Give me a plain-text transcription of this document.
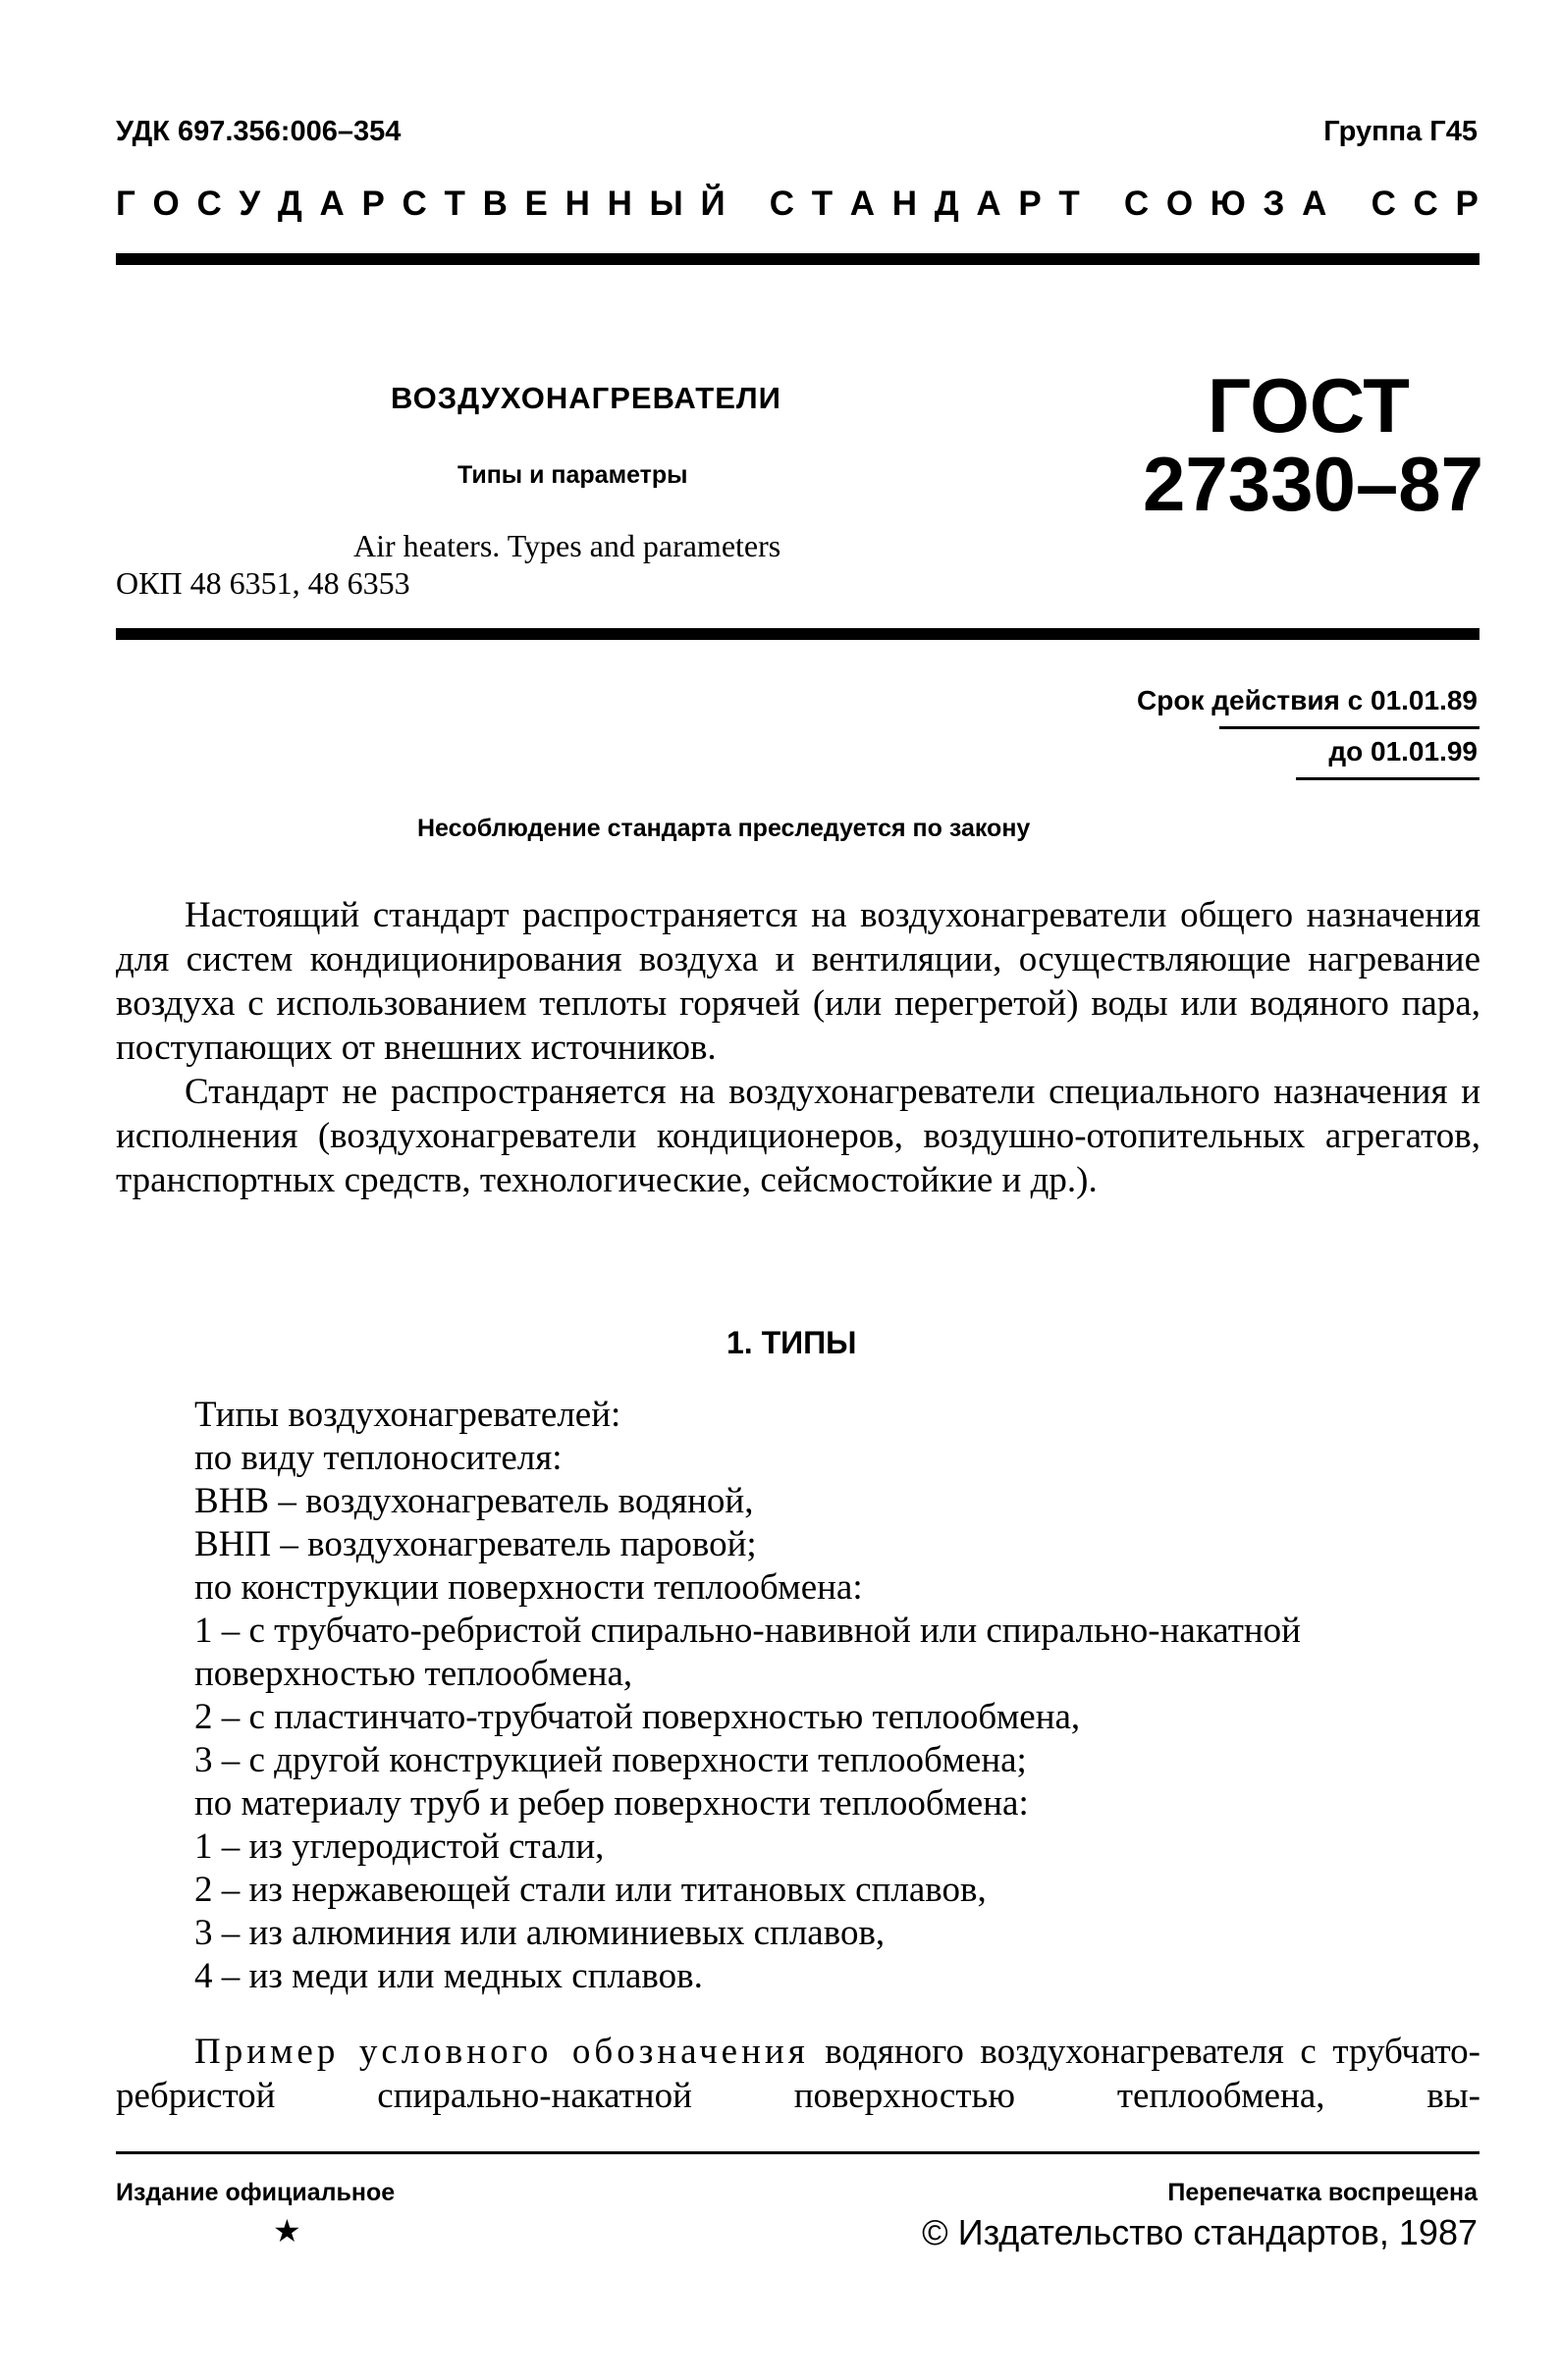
УДК 697.356:006–354	Группа Г45
Г О С У Д А Р С Т В Е Н Н Ы Й
С Т А Н Д А Р Т
С О Ю З А
С С Р
ВОЗДУХОНАГРЕВАТЕЛИ
Типы и параметры
Air heaters. Types and parameters
ОКП 48 6351, 48 6353
ГОСТ
27330–87
Срок действия с 01.01.89
до 01.01.99
Несоблюдение стандарта преследуется по закону
Настоящий стандарт распространяется на воздухонагреватели общего назначения для систем кондиционирования воздуха и вентиляции, осуществляющие нагревание воздуха с использованием теплоты горячей (или перегретой) воды или водяного пара, поступающих от внешних источников.
Стандарт не распространяется на воздухонагреватели специального назначения и исполнения (воздухонагреватели кондиционеров, воздушно-отопительных агрегатов, транспортных средств, технологические, сейсмостойкие и др.).
1. ТИПЫ
Типы воздухонагревателей:
по виду теплоносителя:
ВНВ – воздухонагреватель водяной,
ВНП – воздухонагреватель паровой;
по конструкции поверхности теплообмена:
1 – с трубчато-ребристой спирально-навивной или спирально-накатной
поверхностью теплообмена,
2 – с пластинчато-трубчатой поверхностью теплообмена,
3 – с другой конструкцией поверхности теплообмена;
по материалу труб и ребер поверхности теплообмена:
1 – из углеродистой стали,
2 – из нержавеющей стали или титановых сплавов,
3 – из алюминия или алюминиевых сплавов,
4 – из меди или медных сплавов.
Пример условного обозначения водяного воздухонагревателя с трубчато-ребристой спирально-накатной поверхностью теплообмена, вы-
Издание официальное
★
Перепечатка воспрещена
© Издательство стандартов, 1987
